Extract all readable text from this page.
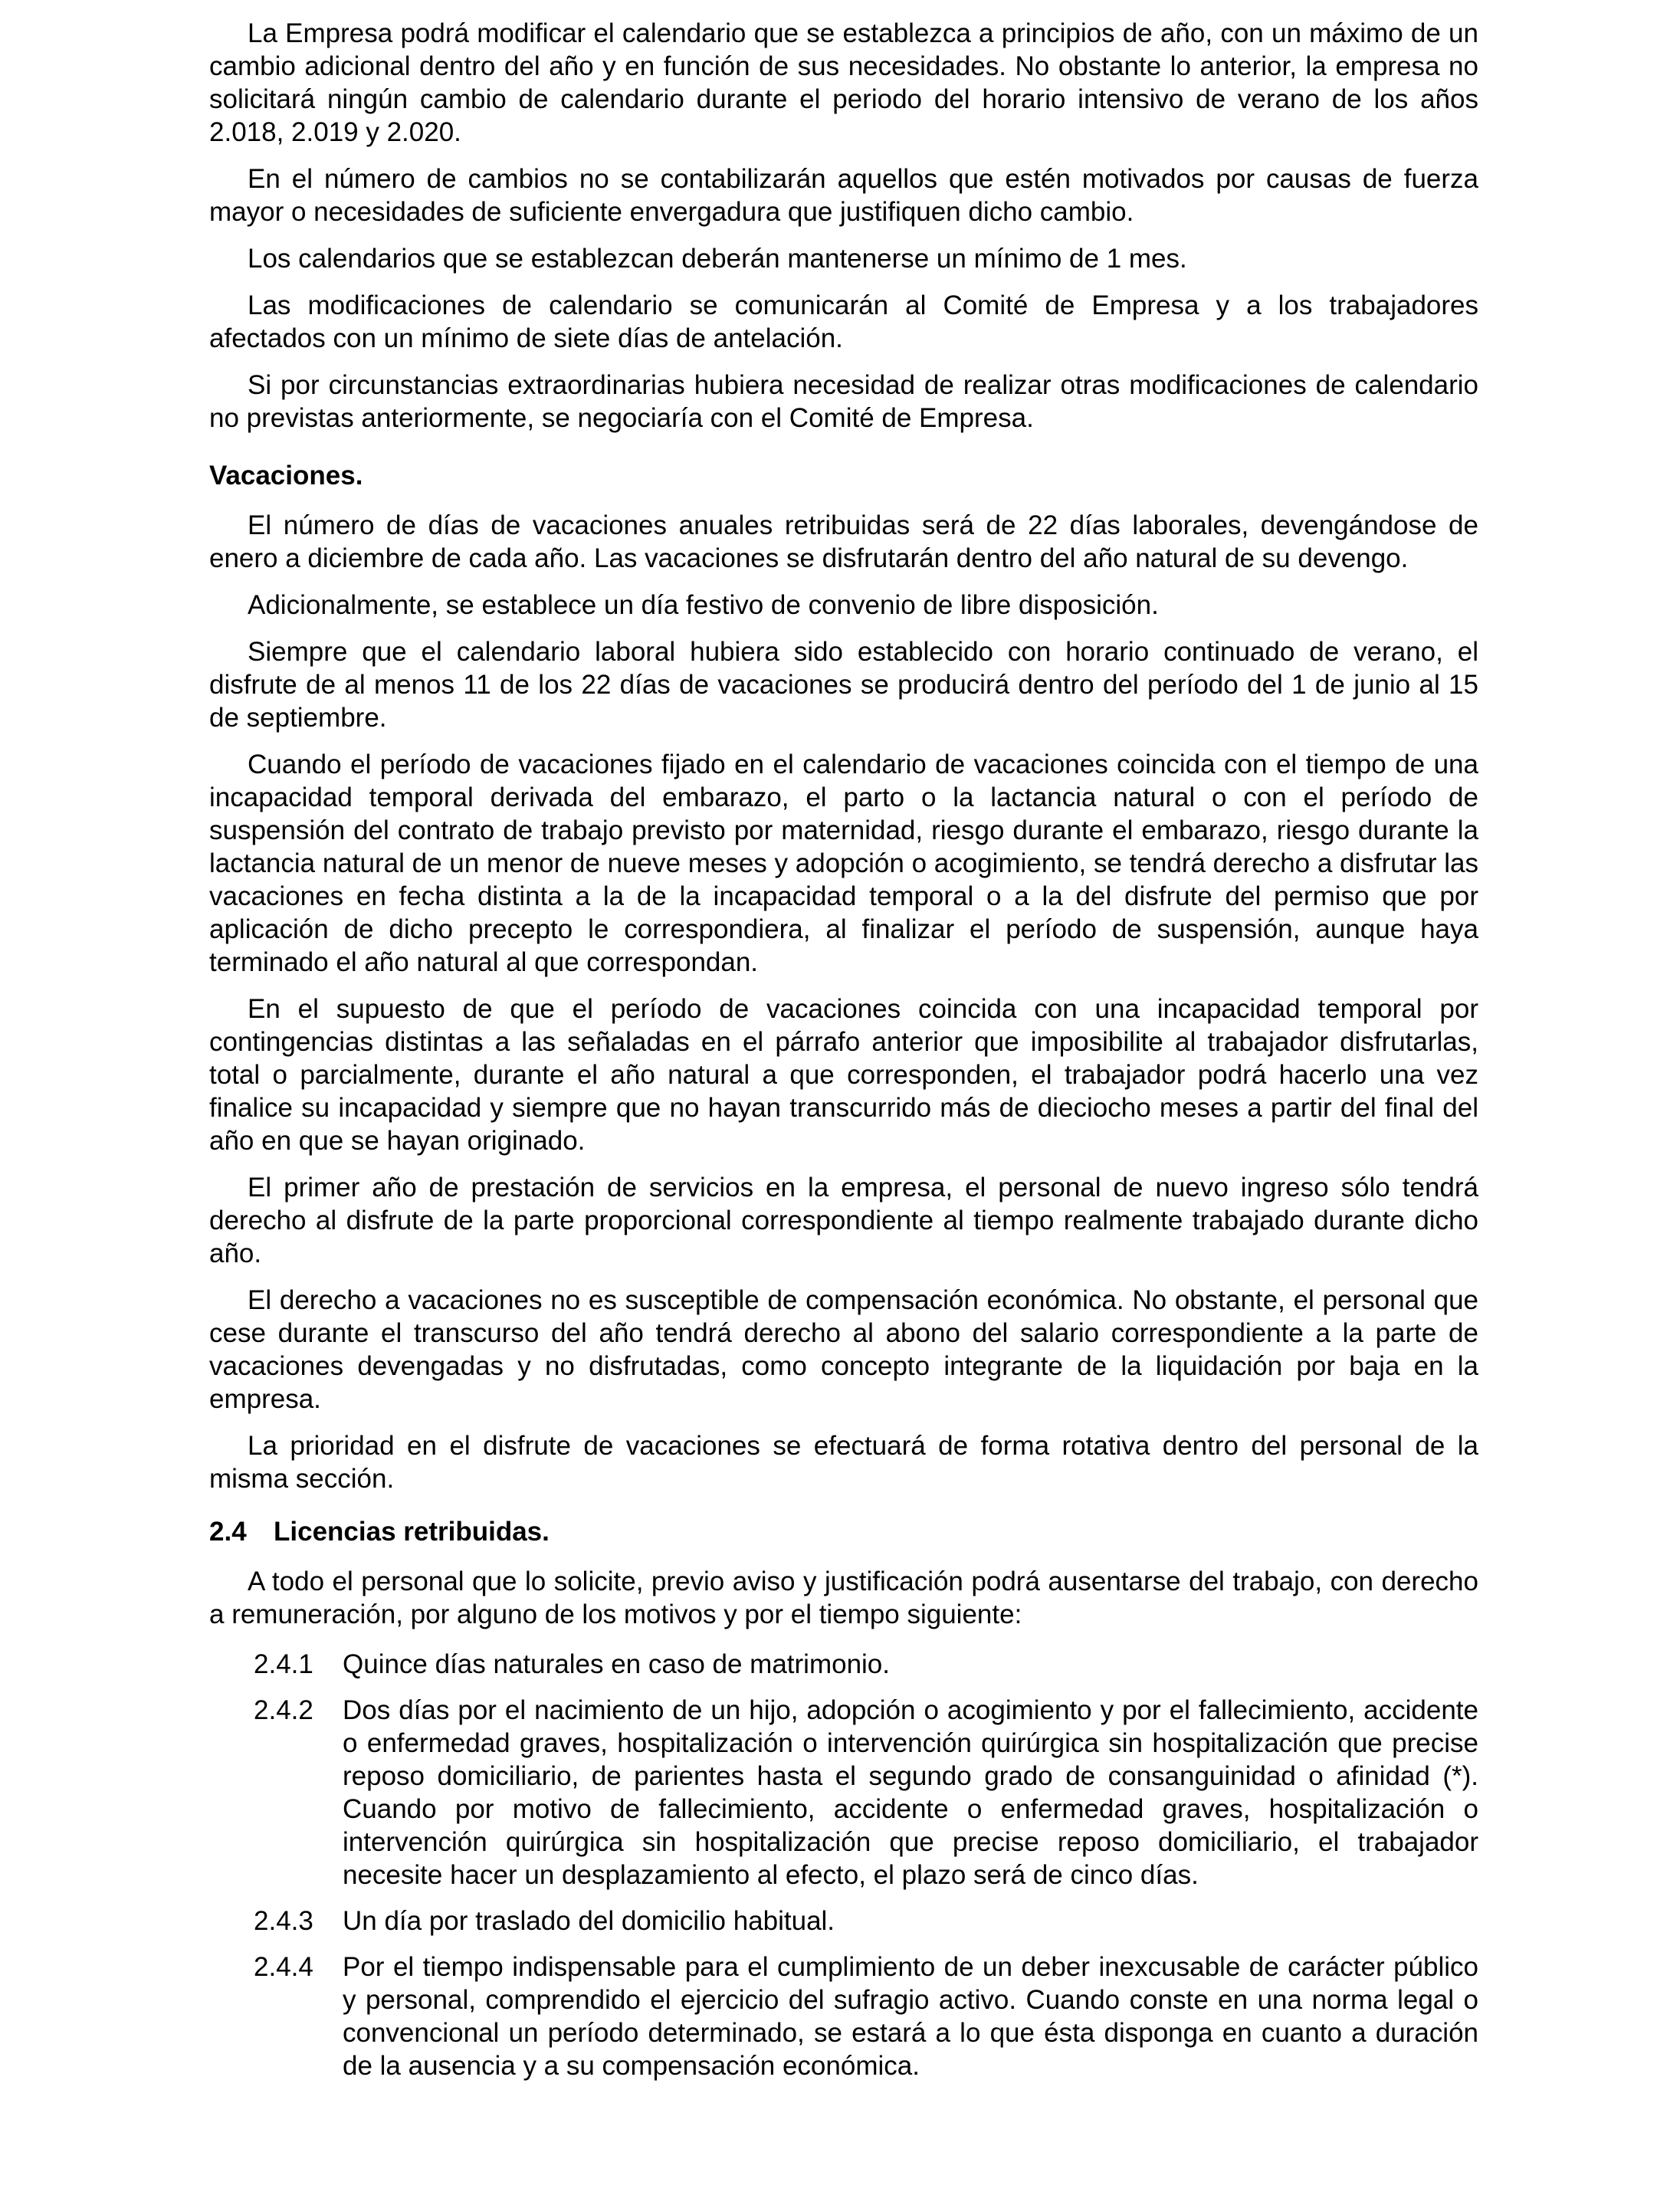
La Empresa podrá modificar el calendario que se establezca a principios de año, con un máximo de un cambio adicional dentro del año y en función de sus necesidades. No obstante lo anterior, la empresa no solicitará ningún cambio de calendario durante el periodo del horario intensivo de verano de los años 2.018, 2.019 y 2.020.

En el número de cambios no se contabilizarán aquellos que estén motivados por causas de fuerza mayor o necesidades de suficiente envergadura que justifiquen dicho cambio.

Los calendarios que se establezcan deberán mantenerse un mínimo de 1 mes.

Las modificaciones de calendario se comunicarán al Comité de Empresa y a los trabajadores afectados con un mínimo de siete días de antelación.

Si por circunstancias extraordinarias hubiera necesidad de realizar otras modificaciones de calendario no previstas anteriormente, se negociaría con el Comité de Empresa.

Vacaciones.

El número de días de vacaciones anuales retribuidas será de 22 días laborales, devengándose de enero a diciembre de cada año. Las vacaciones se disfrutarán dentro del año natural de su devengo.

Adicionalmente, se establece un día festivo de convenio de libre disposición.

Siempre que el calendario laboral hubiera sido establecido con horario continuado de verano, el disfrute de al menos 11 de los 22 días de vacaciones se producirá dentro del período del 1 de junio al 15 de septiembre.

Cuando el período de vacaciones fijado en el calendario de vacaciones coincida con el tiempo de una incapacidad temporal derivada del embarazo, el parto o la lactancia natural o con el período de suspensión del contrato de trabajo previsto por maternidad, riesgo durante el embarazo, riesgo durante la lactancia natural de un menor de nueve meses y adopción o acogimiento, se tendrá derecho a disfrutar las vacaciones en fecha distinta a la de la incapacidad temporal o a la del disfrute del permiso que por aplicación de dicho precepto le correspondiera, al finalizar el período de suspensión, aunque haya terminado el año natural al que correspondan.

En el supuesto de que el período de vacaciones coincida con una incapacidad temporal por contingencias distintas a las señaladas en el párrafo anterior que imposibilite al trabajador disfrutarlas, total o parcialmente, durante el año natural a que corresponden, el trabajador podrá hacerlo una vez finalice su incapacidad y siempre que no hayan transcurrido más de dieciocho meses a partir del final del año en que se hayan originado.

El primer año de prestación de servicios en la empresa, el personal de nuevo ingreso sólo tendrá derecho al disfrute de la parte proporcional correspondiente al tiempo realmente trabajado durante dicho año.

El derecho a vacaciones no es susceptible de compensación económica. No obstante, el personal que cese durante el transcurso del año tendrá derecho al abono del salario correspondiente a la parte de vacaciones devengadas y no disfrutadas, como concepto integrante de la liquidación por baja en la empresa.

La prioridad en el disfrute de vacaciones se efectuará de forma rotativa dentro del personal de la misma sección.

2.4	Licencias retribuidas.

A todo el personal que lo solicite, previo aviso y justificación podrá ausentarse del trabajo, con derecho a remuneración, por alguno de los motivos y por el tiempo siguiente:

2.4.1	Quince días naturales en caso de matrimonio.
2.4.2	Dos días por el nacimiento de un hijo, adopción o acogimiento y por el fallecimiento, accidente o enfermedad graves, hospitalización o intervención quirúrgica sin hospitalización que precise reposo domiciliario, de parientes hasta el segundo grado de consanguinidad o afinidad (*). Cuando por motivo de fallecimiento, accidente o enfermedad graves, hospitalización o intervención quirúrgica sin hospitalización que precise reposo domiciliario, el trabajador necesite hacer un desplazamiento al efecto, el plazo será de cinco días.
2.4.3	Un día por traslado del domicilio habitual.
2.4.4	Por el tiempo indispensable para el cumplimiento de un deber inexcusable de carácter público y personal, comprendido el ejercicio del sufragio activo. Cuando conste en una norma legal o convencional un período determinado, se estará a lo que ésta disponga en cuanto a duración de la ausencia y a su compensación económica.
